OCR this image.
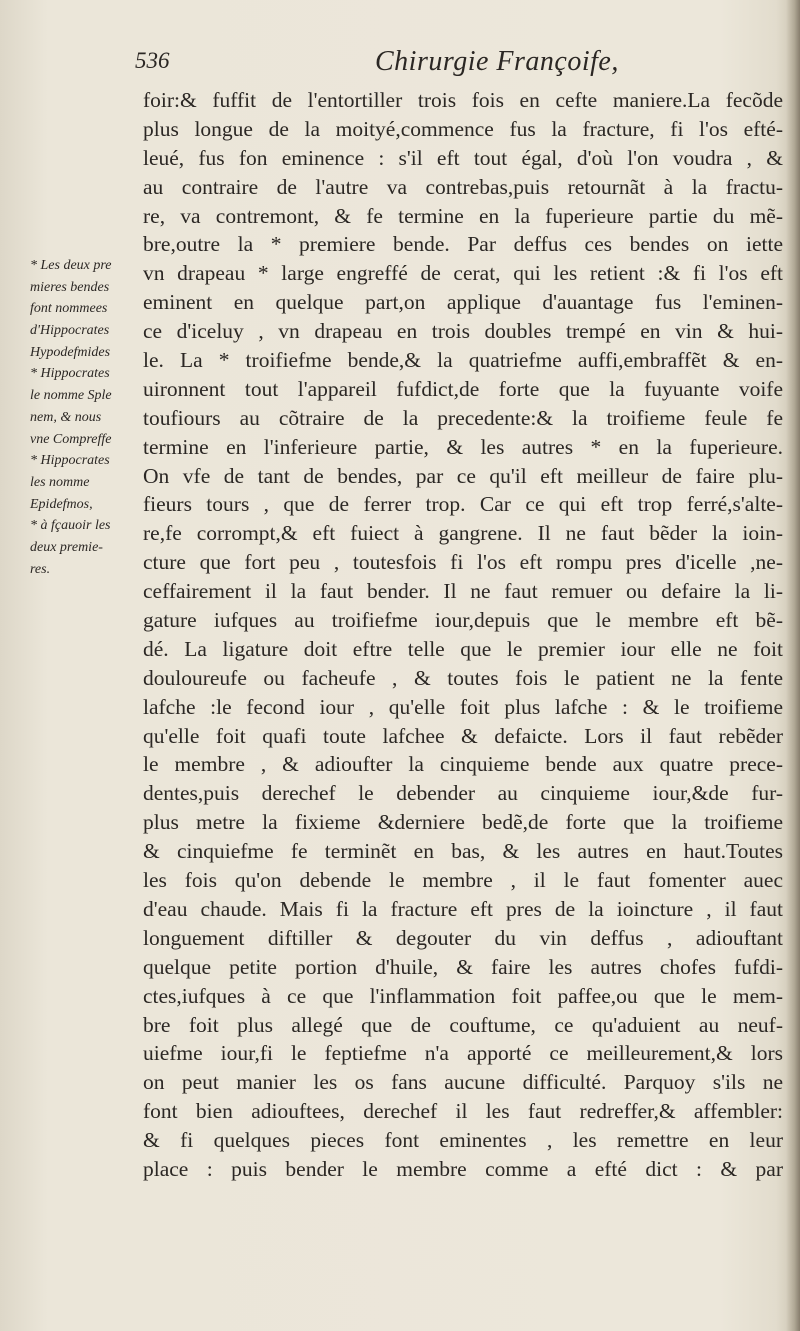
536	Chirurgie Françoife,
* Les deux pre
mieres bendes
font nommees
d'Hippocrates
Hypodefmides
* Hippocrates
le nomme Sple
nem, & nous
vne Compreffe
* Hippocrates
les nomme
Epidefmos,
* à fçauoir les
deux premie-
res.
foir:& fuffit de l'entortiller trois fois en cefte maniere.La fecõde
plus longue de la moityé,commence fus la fracture, fi l'os efté-
leué, fus fon eminence : s'il eft tout égal, d'où l'on voudra , &
au contraire de l'autre va contrebas,puis retournãt à la fractu-
re, va contremont, & fe termine en la fuperieure partie du mẽ-
bre,outre la * premiere bende. Par deffus ces bendes on iette
vn drapeau * large engreffé de cerat, qui les retient :& fi l'os eft
eminent en quelque part,on applique d'auantage fus l'eminen-
ce d'iceluy , vn drapeau en trois doubles trempé en vin & hui-
le. La * troifiefme bende,& la quatriefme auffi,embraffẽt & en-
uironnent tout l'appareil fufdict,de forte que la fuyuante voife
toufiours au cõtraire de la precedente:& la troifieme feule fe
termine en l'inferieure partie, & les autres * en la fuperieure.
On vfe de tant de bendes, par ce qu'il eft meilleur de faire plu-
fieurs tours , que de ferrer trop. Car ce qui eft trop ferré,s'alte-
re,fe corrompt,& eft fuiect à gangrene. Il ne faut bẽder la ioin-
cture que fort peu , toutesfois fi l'os eft rompu pres d'icelle ,ne-
ceffairement il la faut bender. Il ne faut remuer ou defaire la li-
gature iufques au troifiefme iour,depuis que le membre eft bẽ-
dé. La ligature doit eftre telle que le premier iour elle ne foit
douloureufe ou facheufe , & toutes fois le patient ne la fente
lafche :le fecond iour , qu'elle foit plus lafche : & le troifieme
qu'elle foit quafi toute lafchee & defaicte. Lors il faut rebẽder
le membre , & adioufter la cinquieme bende aux quatre prece-
dentes,puis derechef le debender au cinquieme iour,&de fur-
plus metre la fixieme &derniere bedẽ,de forte que la troifieme
& cinquiefme fe terminẽt en bas, & les autres en haut.Toutes
les fois qu'on debende le membre , il le faut fomenter auec
d'eau chaude. Mais fi la fracture eft pres de la ioincture , il faut
longuement diftiller & degouter du vin deffus , adiouftant
quelque petite portion d'huile, & faire les autres chofes fufdi-
ctes,iufques à ce que l'inflammation foit paffee,ou que le mem-
bre foit plus allegé que de couftume, ce qu'aduient au neuf-
uiefme iour,fi le feptiefme n'a apporté ce meilleurement,& lors
on peut manier les os fans aucune difficulté. Parquoy s'ils ne
font bien adiouftees, derechef il les faut redreffer,& affembler:
& fi quelques pieces font eminentes , les remettre en leur
place : puis bender le membre comme a efté dict : & par
